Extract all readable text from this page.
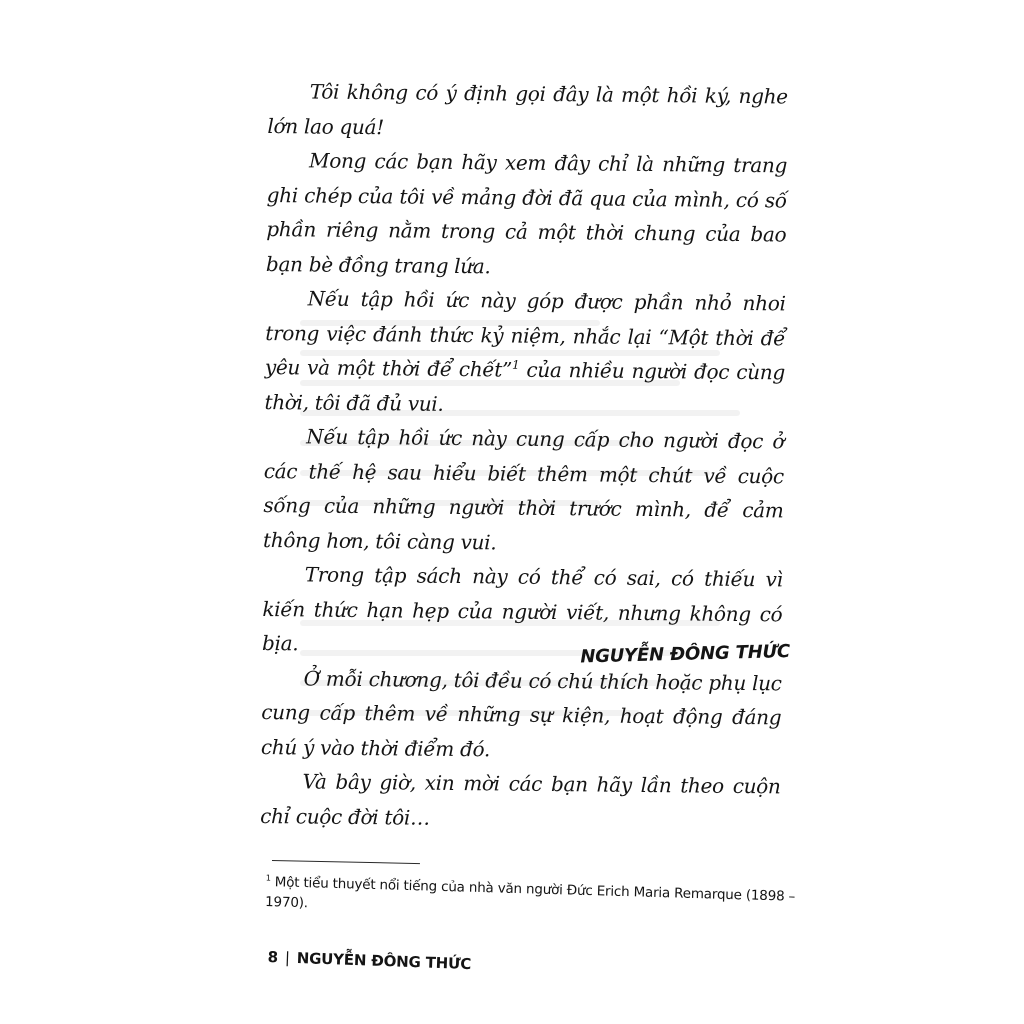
Tôi không có ý định gọi đây là một hồi ký, nghe lớn lao quá!

Mong các bạn hãy xem đây chỉ là những trang ghi chép của tôi về mảng đời đã qua của mình, có số phần riêng nằm trong cả một thời chung của bao bạn bè đồng trang lứa.

Nếu tập hồi ức này góp được phần nhỏ nhoi trong việc đánh thức kỷ niệm, nhắc lại “Một thời để yêu và một thời để chết”$^1$ của nhiều người đọc cùng thời, tôi đã đủ vui.

Nếu tập hồi ức này cung cấp cho người đọc ở các thế hệ sau hiểu biết thêm một chút về cuộc sống của những người thời trước mình, để cảm thông hơn, tôi càng vui.

Trong tập sách này có thể có sai, có thiếu vì kiến thức hạn hẹp của người viết, nhưng không có bịa.

Ở mỗi chương, tôi đều có chú thích hoặc phụ lục cung cấp thêm về những sự kiện, hoạt động đáng chú ý vào thời điểm đó.

Và bây giờ, xin mời các bạn hãy lần theo cuộn chỉ cuộc đời tôi…

NGUYỄN ĐÔNG THỨC
$^1$ Một tiểu thuyết nổi tiếng của nhà văn người Đức Erich Maria Remarque (1898 – 1970).
8 | NGUYỄN ĐÔNG THỨC
